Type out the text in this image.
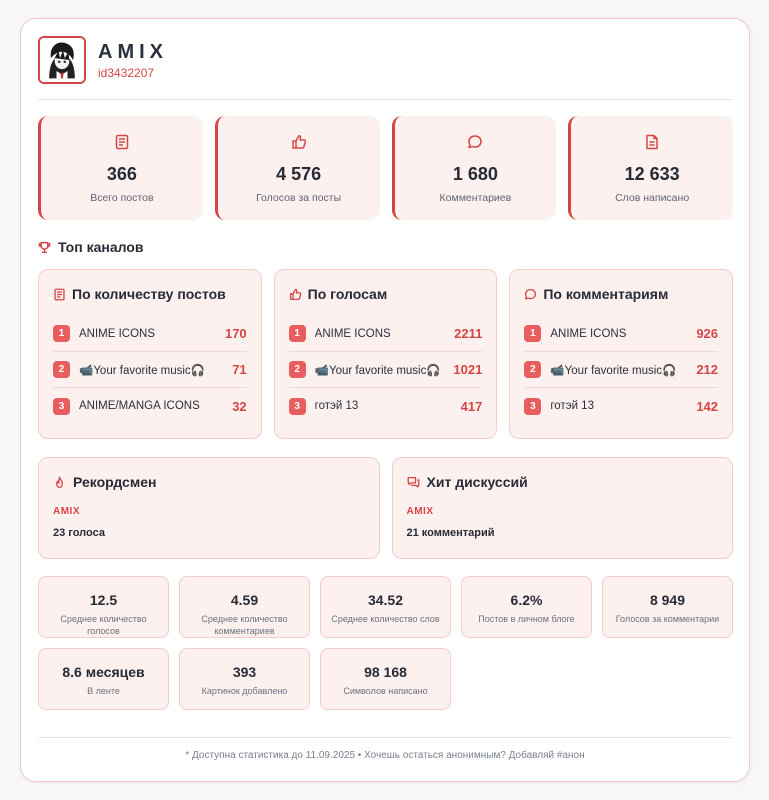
AMIX
id3432207
366
Всего постов
4 576
Голосов за посты
1 680
Комментариев
12 633
Слов написано
Топ каналов
По количеству постов
1	ANIME ICONS	170
2	📹Your favorite music🎧	71
3	ANIME/MANGA ICONS	32
По голосам
1	ANIME ICONS	2211
2	📹Your favorite music🎧 1021
3	готэй 13	417
По комментариям
1	ANIME ICONS	926
2	📹Your favorite music🎧	212
3	готэй 13	142
Рекордсмен
AMIX
23 голоса
Хит дискуссий
AMIX
21 комментарий
12.5
Среднее количество голосов
4.59
Среднее количество комментариев
34.52
Среднее количество слов
6.2%
Постов в личном блоге
8 949
Голосов за комментарии
8.6 месяцев
В ленте
393
Картинок добавлено
98 168
Символов написано
* Доступна статистика до 11.09.2025 • Хочешь остаться анонимным? Добавляй #анон
